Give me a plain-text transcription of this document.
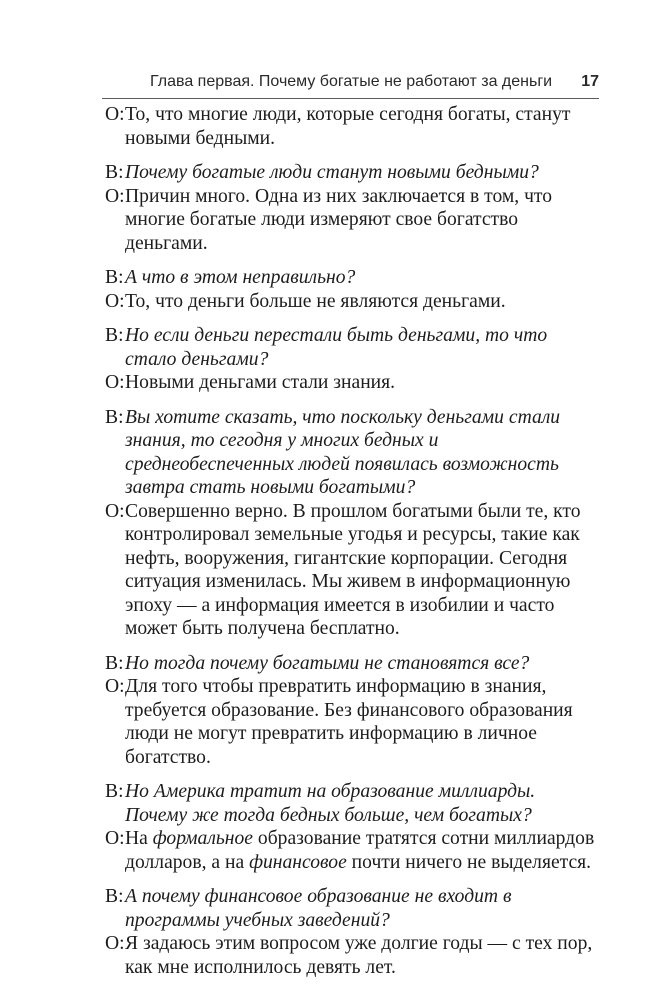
Глава первая. Почему богатые не работают за деньги 17
О: То, что многие люди, которые сегодня богаты, станут новыми бедными.
В: Почему богатые люди станут новыми бедными?
О: Причин много. Одна из них заключается в том, что многие богатые люди измеряют свое богатство деньгами.
В: А что в этом неправильно?
О: То, что деньги больше не являются деньгами.
В: Но если деньги перестали быть деньгами, то что стало деньгами?
О: Новыми деньгами стали знания.
В: Вы хотите сказать, что поскольку деньгами стали знания, то сегодня у многих бедных и среднеобеспеченных людей появилась возможность завтра стать новыми богатыми?
О: Совершенно верно. В прошлом богатыми были те, кто контролировал земельные угодья и ресурсы, такие как нефть, вооружения, гигантские корпорации. Сегодня ситуация изменилась. Мы живем в информационную эпоху — а информация имеется в изобилии и часто может быть получена бесплатно.
В: Но тогда почему богатыми не становятся все?
О: Для того чтобы превратить информацию в знания, требуется образование. Без финансового образования люди не могут превратить информацию в личное богатство.
В: Но Америка тратит на образование миллиарды. Почему же тогда бедных больше, чем богатых?
О: На формальное образование тратятся сотни миллиардов долларов, а на финансовое почти ничего не выделяется.
В: А почему финансовое образование не входит в программы учебных заведений?
О: Я задаюсь этим вопросом уже долгие годы — с тех пор, как мне исполнилось девять лет.
